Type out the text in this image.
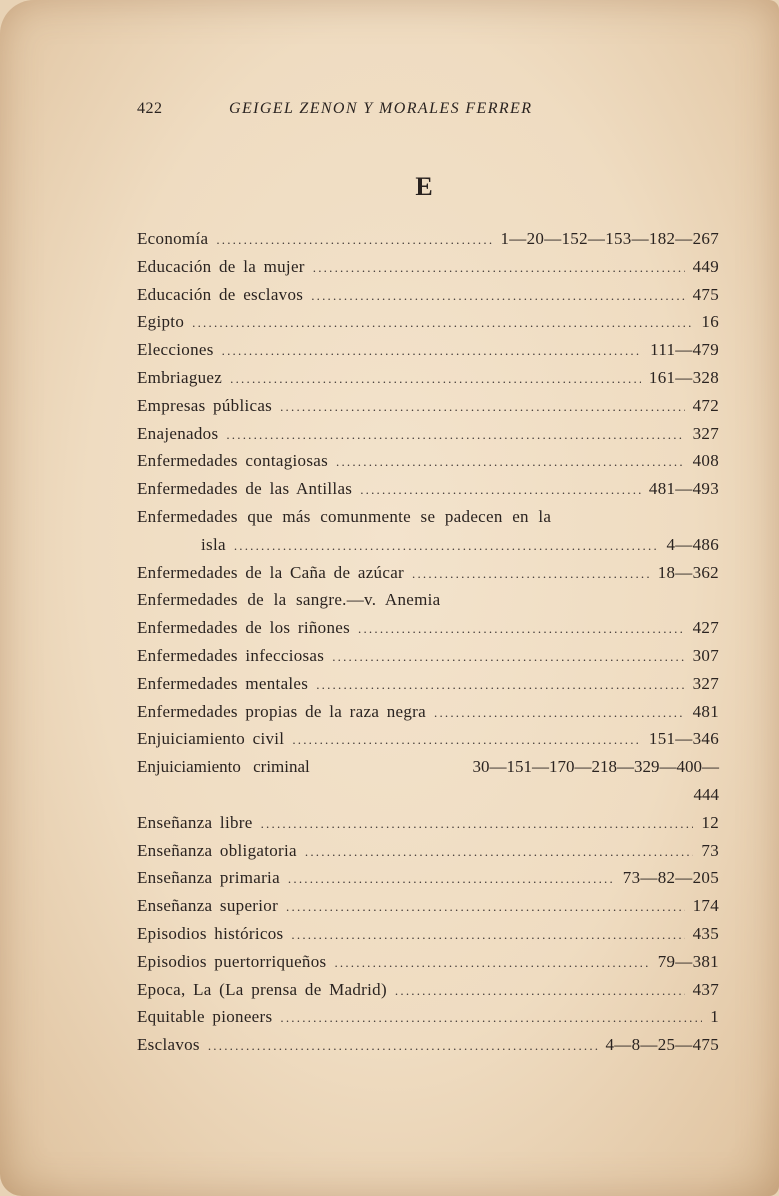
422	GEIGEL ZENON Y MORALES FERRER
E
Economía .....	1—20—152—153—182—267
Educación de la mujer .....	449
Educación de esclavos .....	475
Egipto .....	16
Elecciones .....	111—479
Embriaguez .....	161—328
Empresas públicas .....	472
Enajenados .....	327
Enfermedades contagiosas .....	408
Enfermedades de las Antillas .....	481—493
Enfermedades que más comunmente se padecen en la
isla .....	4—486
Enfermedades de la Caña de azúcar .....	18—362
Enfermedades de la sangre.—v. Anemia
Enfermedades de los riñones .....	427
Enfermedades infecciosas .....	307
Enfermedades mentales .....	327
Enfermedades propias de la raza negra .....	481
Enjuiciamiento civil .....	151—346
Enjuiciamiento criminal	30—151—170—218—329—400—
444
Enseñanza libre .....	12
Enseñanza obligatoria .....	73
Enseñanza primaria .....	73—82—205
Enseñanza superior .....	174
Episodios históricos .....	435
Episodios puertorriqueños .....	79—381
Epoca, La (La prensa de Madrid) .....	437
Equitable pioneers .....	1
Esclavos .....	4—8—25—475
